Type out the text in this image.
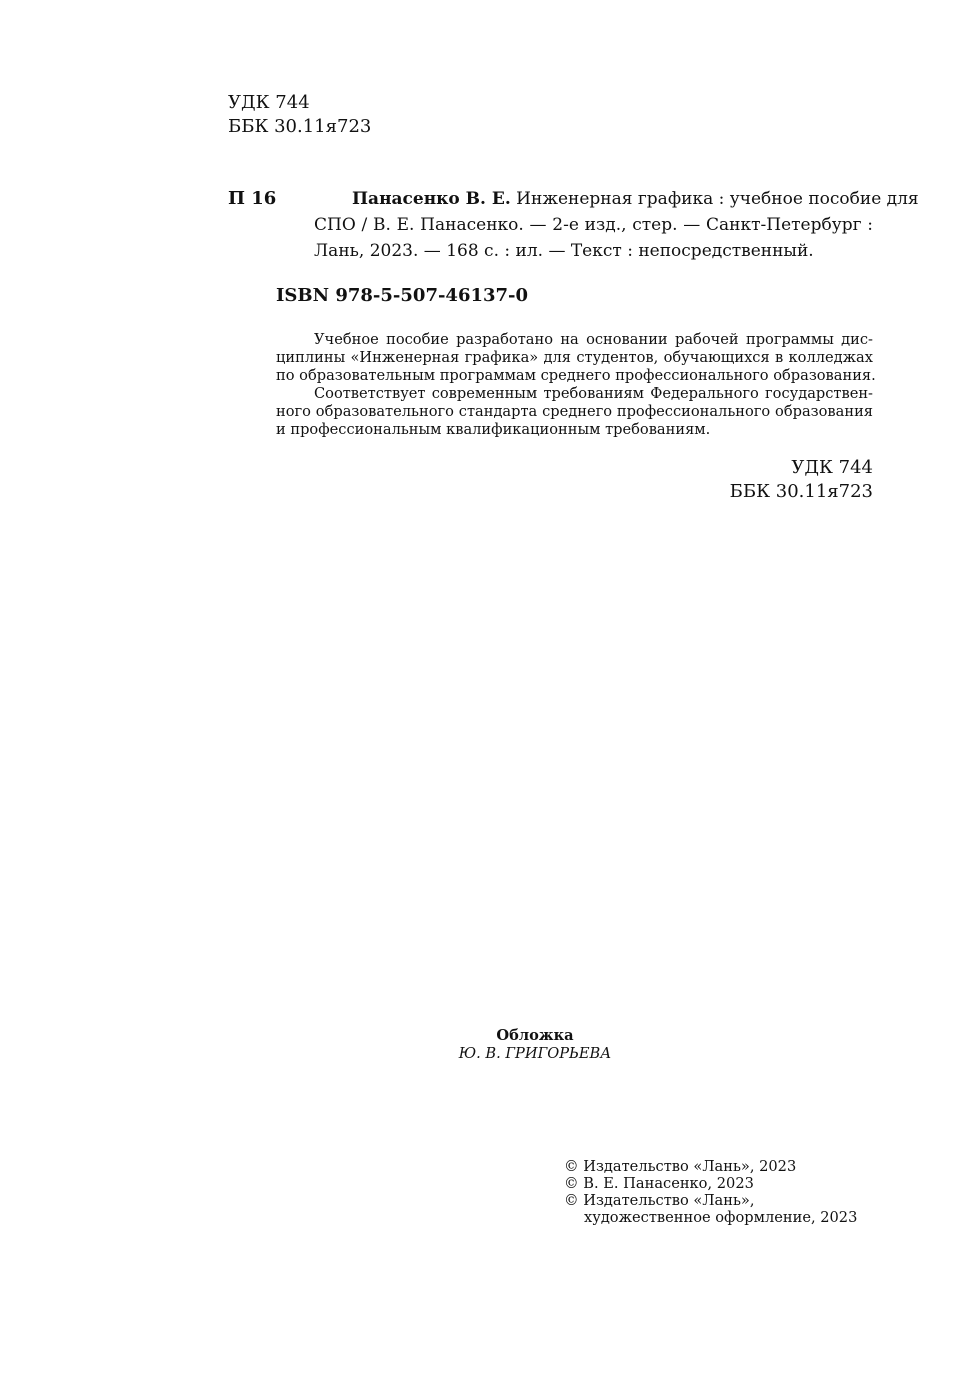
УДК 744
ББК 30.11я723
П 16	Панасенко В. Е. Инженерная графика : учебное пособие для
СПО / В. Е. Панасенко. — 2-е изд., стер. — Санкт-Петербург :
Лань, 2023. — 168 с. : ил. — Текст : непосредственный.
ISBN 978-5-507-46137-0
Учебное пособие разработано на основании рабочей программы дис-
циплины «Инженерная графика» для студентов, обучающихся в колледжах
по образовательным программам среднего профессионального образования.
Соответствует современным требованиям Федерального государствен-
ного образовательного стандарта среднего профессионального образования
и профессиональным квалификационным требованиям.
УДК 744
ББК 30.11я723
Обложка
Ю. В. ГРИГОРЬЕВА
© Издательство «Лань», 2023
© В. Е. Панасенко, 2023
© Издательство «Лань»,
художественное оформление, 2023
